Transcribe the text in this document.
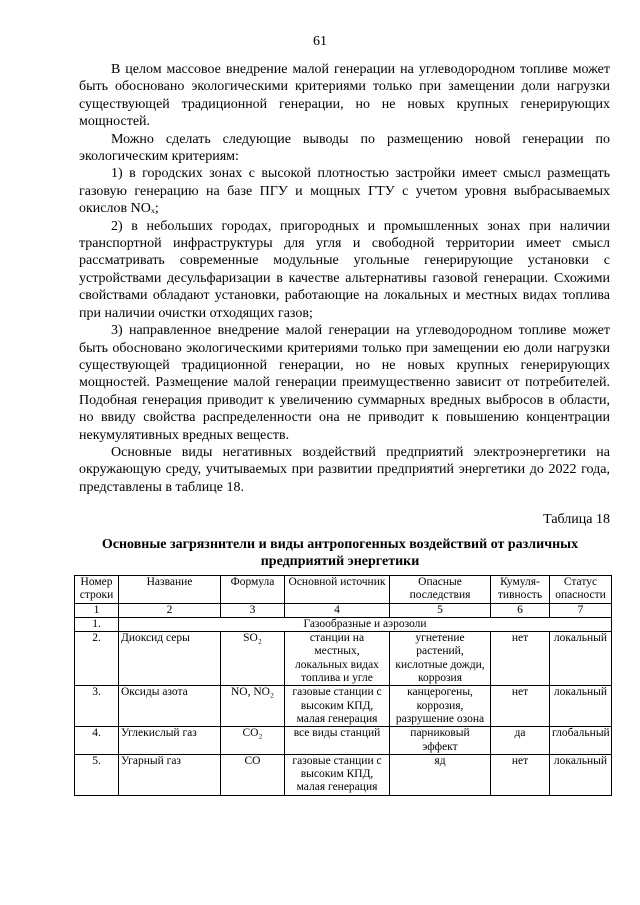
61

В целом массовое внедрение малой генерации на углеводородном топливе может быть обосновано экологическими критериями только при замещении доли нагрузки существующей традиционной генерации, но не новых крупных генерирующих мощностей.

Можно сделать следующие выводы по размещению новой генерации по экологическим критериям:

1) в городских зонах с высокой плотностью застройки имеет смысл размещать газовую генерацию на базе ПГУ и мощных ГТУ с учетом уровня выбрасываемых окислов NOₓ;

2) в небольших городах, пригородных и промышленных зонах при наличии транспортной инфраструктуры для угля и свободной территории имеет смысл рассматривать современные модульные угольные генерирующие установки с устройствами десульфаризации в качестве альтернативы газовой генерации. Схожими свойствами обладают установки, работающие на локальных и местных видах топлива при наличии очистки отходящих газов;

3) направленное внедрение малой генерации на углеводородном топливе может быть обосновано экологическими критериями только при замещении ею доли нагрузки существующей традиционной генерации, но не новых крупных генерирующих мощностей. Размещение малой генерации преимущественно зависит от потребителей. Подобная генерация приводит к увеличению суммарных вредных выбросов в области, но ввиду свойства распределенности она не приводит к повышению концентрации некумулятивных вредных веществ.

Основные виды негативных воздействий предприятий электроэнергетики на окружающую среду, учитываемых при развитии предприятий энергетики до 2022 года, представлены в таблице 18.

Таблица 18
Основные загрязнители и виды антропогенных воздействий от различных предприятий энергетики
Номер строки	Название	Формула	Основной источник	Опасные последствия	Кумуля-тивность	Статус опасности
1	2	3	4	5	6	7
1.	Газообразные и аэрозоли					
2.	Диоксид серы	SO₂	станции на местных, локальных видах топлива и угле	угнетение растений, кислотные дожди, коррозия	нет	локальный
3.	Оксиды азота	NO, NO₂	газовые станции с высоким КПД, малая генерация	канцерогены, коррозия, разрушение озона	нет	локальный
4.	Углекислый газ	CO₂	все виды станций	парниковый эффект	да	глобальный
5.	Угарный газ	CO	газовые станции с высоким КПД, малая генерация	яд	нет	локальный
